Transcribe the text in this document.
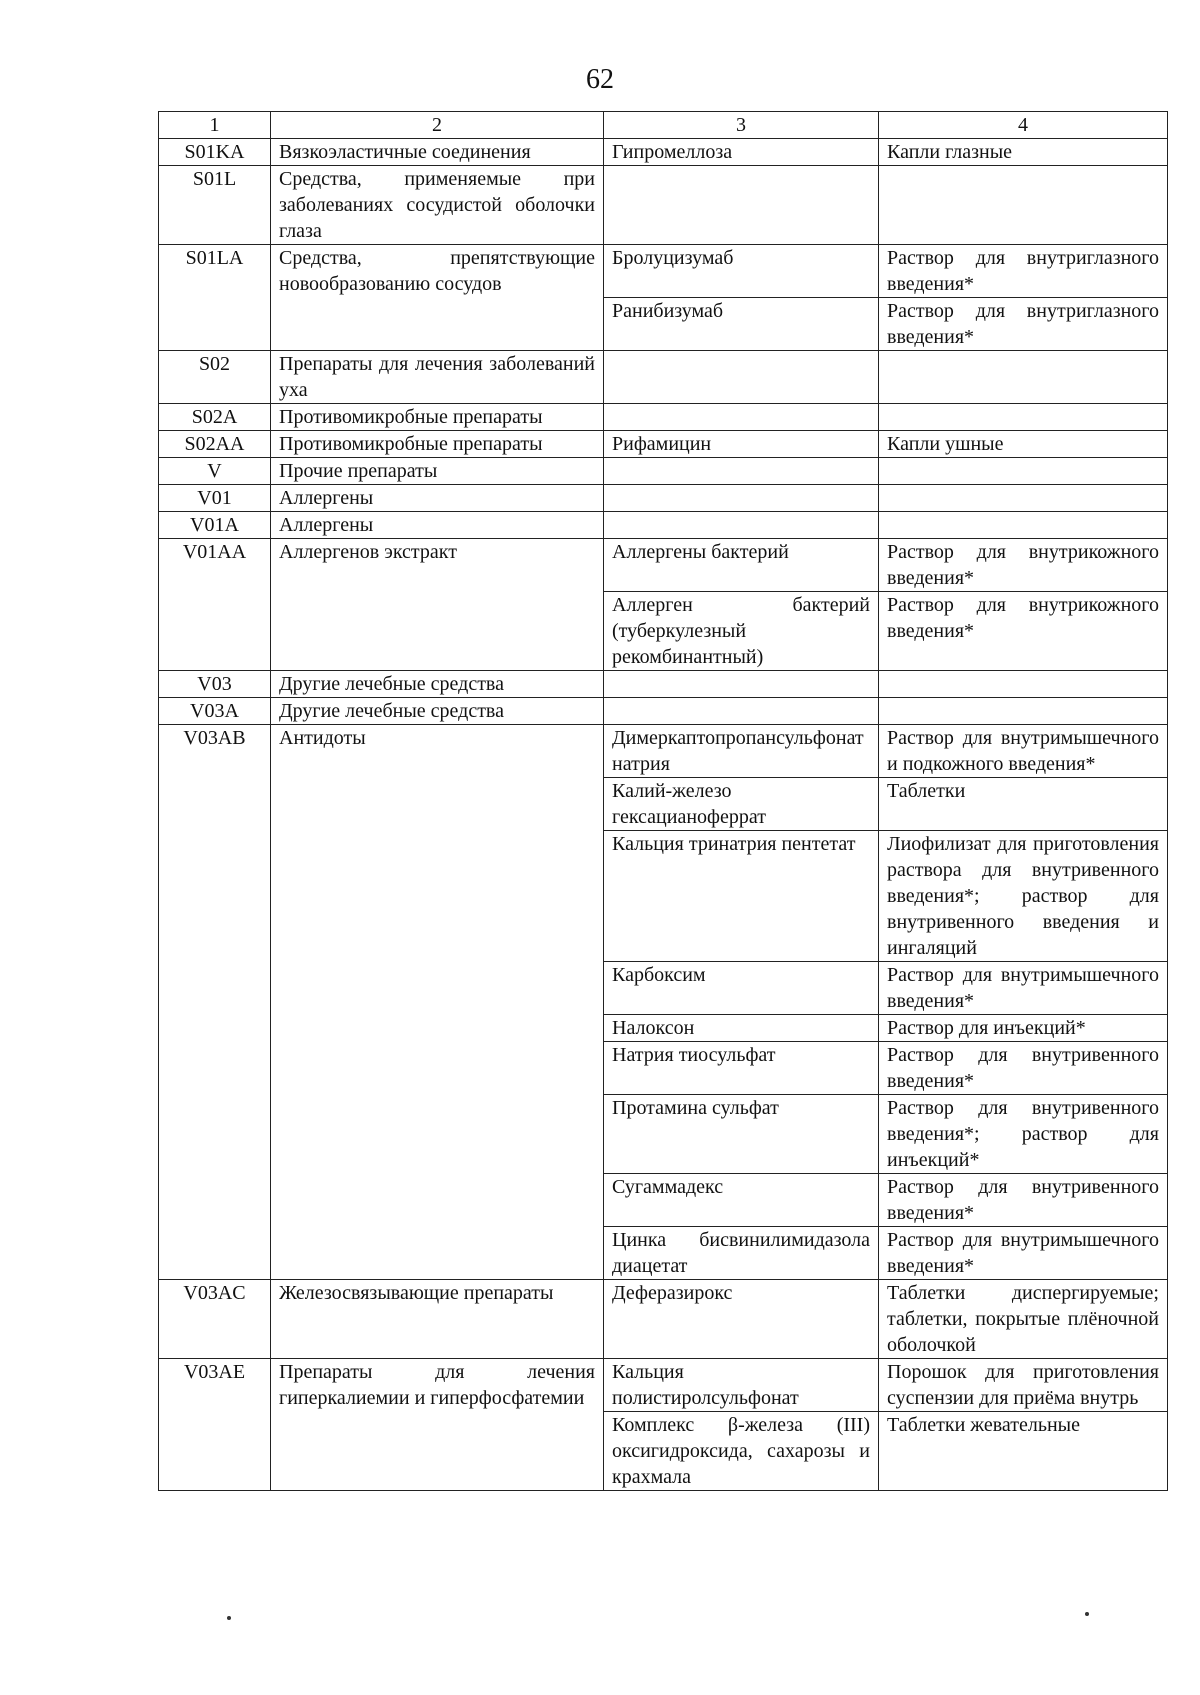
62
1	2	3	4
S01KA	Вязкоэластичные соединения	Гипромеллоза	Капли глазные
S01L	Средства, применяемые при заболеваниях сосудистой оболочки глаза		
S01LA	Средства, препятствующие новообразованию сосудов	Бролуцизумаб	Раствор для внутриглазного введения*
		Ранибизумаб	Раствор для внутриглазного введения*
S02	Препараты для лечения заболеваний уха		
S02A	Противомикробные препараты		
S02AA	Противомикробные препараты	Рифамицин	Капли ушные
V	Прочие препараты		
V01	Аллергены		
V01A	Аллергены		
V01AA	Аллергенов экстракт	Аллергены бактерий	Раствор для внутрикожного введения*
		Аллерген бактерий (туберкулезный рекомбинантный)	Раствор для внутрикожного введения*
V03	Другие лечебные средства		
V03A	Другие лечебные средства		
V03AB	Антидоты	Димеркаптопропансульфонат натрия	Раствор для внутримышечного и подкожного введения*
		Калий-железо гексацианоферрат	Таблетки
		Кальция тринатрия пентетат	Лиофилизат для приготовления раствора для внутривенного введения*; раствор для внутривенного введения и ингаляций
		Карбоксим	Раствор для внутримышечного введения*
		Налоксон	Раствор для инъекций*
		Натрия тиосульфат	Раствор для внутривенного введения*
		Протамина сульфат	Раствор для внутривенного введения*; раствор для инъекций*
		Сугаммадекс	Раствор для внутривенного введения*
		Цинка бисвинилимидазола диацетат	Раствор для внутримышечного введения*
V03AC	Железосвязывающие препараты	Деферазирокс	Таблетки диспергируемые; таблетки, покрытые плёночной оболочкой
V03AE	Препараты для лечения гиперкалиемии и гиперфосфатемии	Кальция полистиролсульфонат	Порошок для приготовления суспензии для приёма внутрь
		Комплекс β-железа (III) оксигидроксида, сахарозы и крахмала	Таблетки жевательные
